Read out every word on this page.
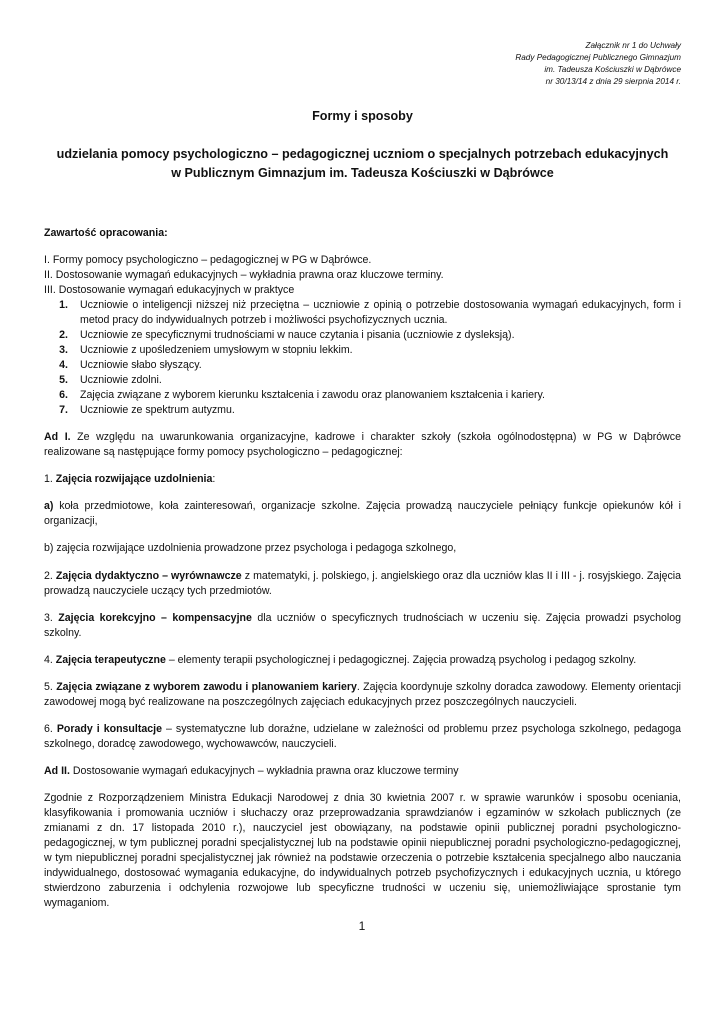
Załącznik nr 1 do Uchwały
Rady Pedagogicznej Publicznego Gimnazjum
im. Tadeusza Kościuszki w Dąbrówce
nr 30/13/14 z dnia 29 sierpnia 2014 r.
Formy i sposoby
udzielania pomocy psychologiczno – pedagogicznej uczniom o specjalnych potrzebach edukacyjnych
w Publicznym Gimnazjum im. Tadeusza Kościuszki w Dąbrówce
Zawartość opracowania:

I. Formy pomocy psychologiczno – pedagogicznej w PG w Dąbrówce.

II. Dostosowanie wymagań edukacyjnych – wykładnia prawna oraz kluczowe terminy.

III. Dostosowanie wymagań edukacyjnych w praktyce

1.	Uczniowie o inteligencji niższej niż przeciętna – uczniowie z opinią o potrzebie dostosowania wymagań edukacyjnych, form i metod pracy do indywidualnych potrzeb i możliwości psychofizycznych ucznia.
2.	Uczniowie ze specyficznymi trudnościami w nauce czytania i pisania (uczniowie z dysleksją).
3.	Uczniowie z upośledzeniem umysłowym w stopniu lekkim.
4.	Uczniowie słabo słyszący.
5.	Uczniowie zdolni.
6.	Zajęcia związane z wyborem kierunku kształcenia i zawodu oraz planowaniem kształcenia i kariery.
7.	Uczniowie ze spektrum autyzmu.

Ad I. Ze względu na uwarunkowania organizacyjne, kadrowe i charakter szkoły (szkoła ogólnodostępna) w PG w Dąbrówce realizowane są następujące formy pomocy psychologiczno – pedagogicznej:

1. Zajęcia rozwijające uzdolnienia:

a) koła przedmiotowe, koła zainteresowań, organizacje szkolne. Zajęcia prowadzą nauczyciele pełniący funkcje opiekunów kół i organizacji,

b) zajęcia rozwijające uzdolnienia prowadzone przez psychologa i pedagoga szkolnego,

2. Zajęcia dydaktyczno – wyrównawcze z matematyki, j. polskiego, j. angielskiego oraz dla uczniów klas II i III - j. rosyjskiego. Zajęcia prowadzą nauczyciele uczący tych przedmiotów.

3. Zajęcia korekcyjno – kompensacyjne dla uczniów o specyficznych trudnościach w uczeniu się. Zajęcia prowadzi psycholog szkolny.

4. Zajęcia terapeutyczne – elementy terapii psychologicznej i pedagogicznej. Zajęcia prowadzą psycholog i pedagog szkolny.

5. Zajęcia związane z wyborem zawodu i planowaniem kariery. Zajęcia koordynuje szkolny doradca zawodowy. Elementy orientacji zawodowej mogą być realizowane na poszczególnych zajęciach edukacyjnych przez poszczególnych nauczycieli.

6. Porady i konsultacje – systematyczne lub doraźne, udzielane w zależności od problemu przez psychologa szkolnego, pedagoga szkolnego, doradcę zawodowego, wychowawców, nauczycieli.

Ad II. Dostosowanie wymagań edukacyjnych – wykładnia prawna oraz kluczowe terminy

Zgodnie z Rozporządzeniem Ministra Edukacji Narodowej z dnia 30 kwietnia 2007 r. w sprawie warunków i sposobu oceniania, klasyfikowania i promowania uczniów i słuchaczy oraz przeprowadzania sprawdzianów i egzaminów w szkołach publicznych (ze zmianami z dn. 17 listopada 2010 r.), nauczyciel jest obowiązany, na podstawie opinii publicznej poradni psychologiczno-pedagogicznej, w tym publicznej poradni specjalistycznej lub na podstawie opinii niepublicznej poradni psychologiczno-pedagogicznej, w tym niepublicznej poradni specjalistycznej jak również na podstawie orzeczenia o potrzebie kształcenia specjalnego albo nauczania indywidualnego, dostosować wymagania edukacyjne, do indywidualnych potrzeb psychofizycznych i edukacyjnych ucznia, u którego stwierdzono zaburzenia i odchylenia rozwojowe lub specyficzne trudności w uczeniu się, uniemożliwiające sprostanie tym wymaganiom.

1
